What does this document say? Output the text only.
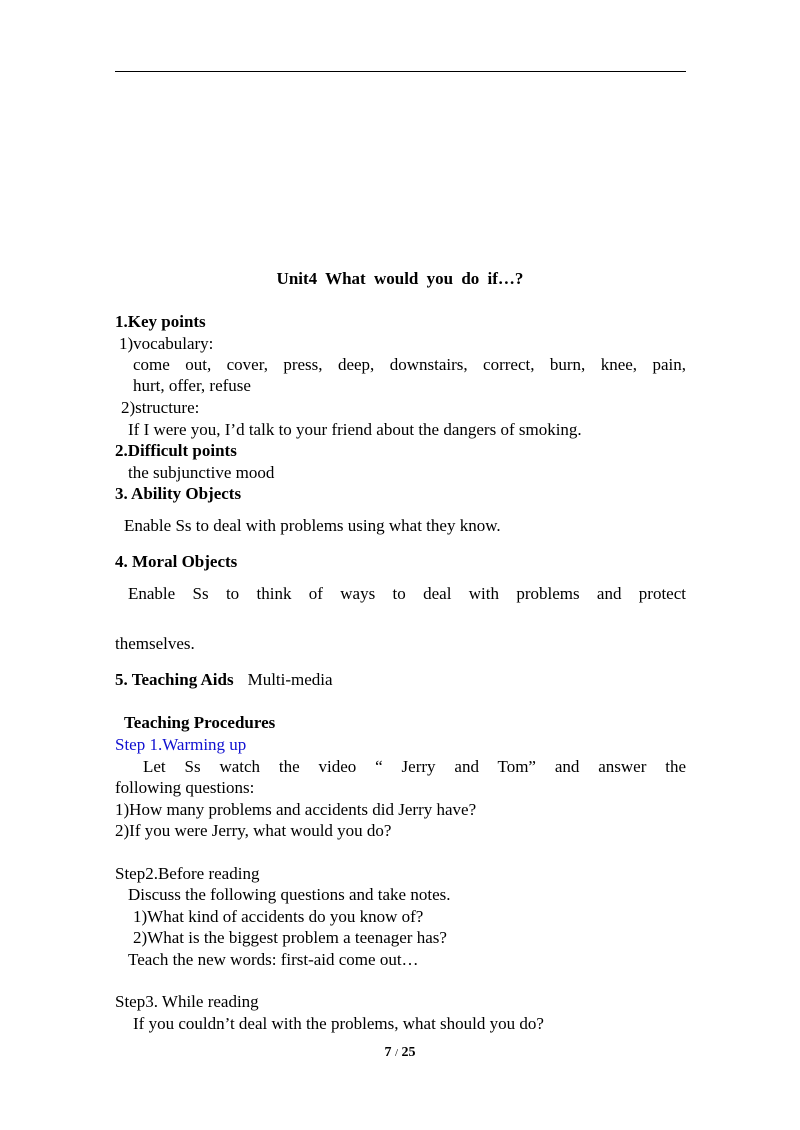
Unit4 What would you do if…?
1.Key points
1)vocabulary:
come out, cover, press, deep, downstairs, correct, burn, knee, pain,
hurt, offer, refuse
2)structure:
If I were you, I’d talk to your friend about the dangers of smoking.
2.Difficult points
the subjunctive mood
3. Ability Objects
Enable Ss to deal with problems using what they know.
4. Moral Objects
Enable Ss to think of ways to deal with problems and protect
themselves.
5. Teaching Aids Multi-media
Teaching Procedures
Step 1.Warming up
Let Ss watch the video “ Jerry and Tom” and answer the
following questions:
1)How many problems and accidents did Jerry have?
2)If you were Jerry, what would you do?
Step2.Before reading
Discuss the following questions and take notes.
1)What kind of accidents do you know of?
2)What is the biggest problem a teenager has?
Teach the new words: first-aid come out…
Step3. While reading
If you couldn’t deal with the problems, what should you do?
7 / 25
